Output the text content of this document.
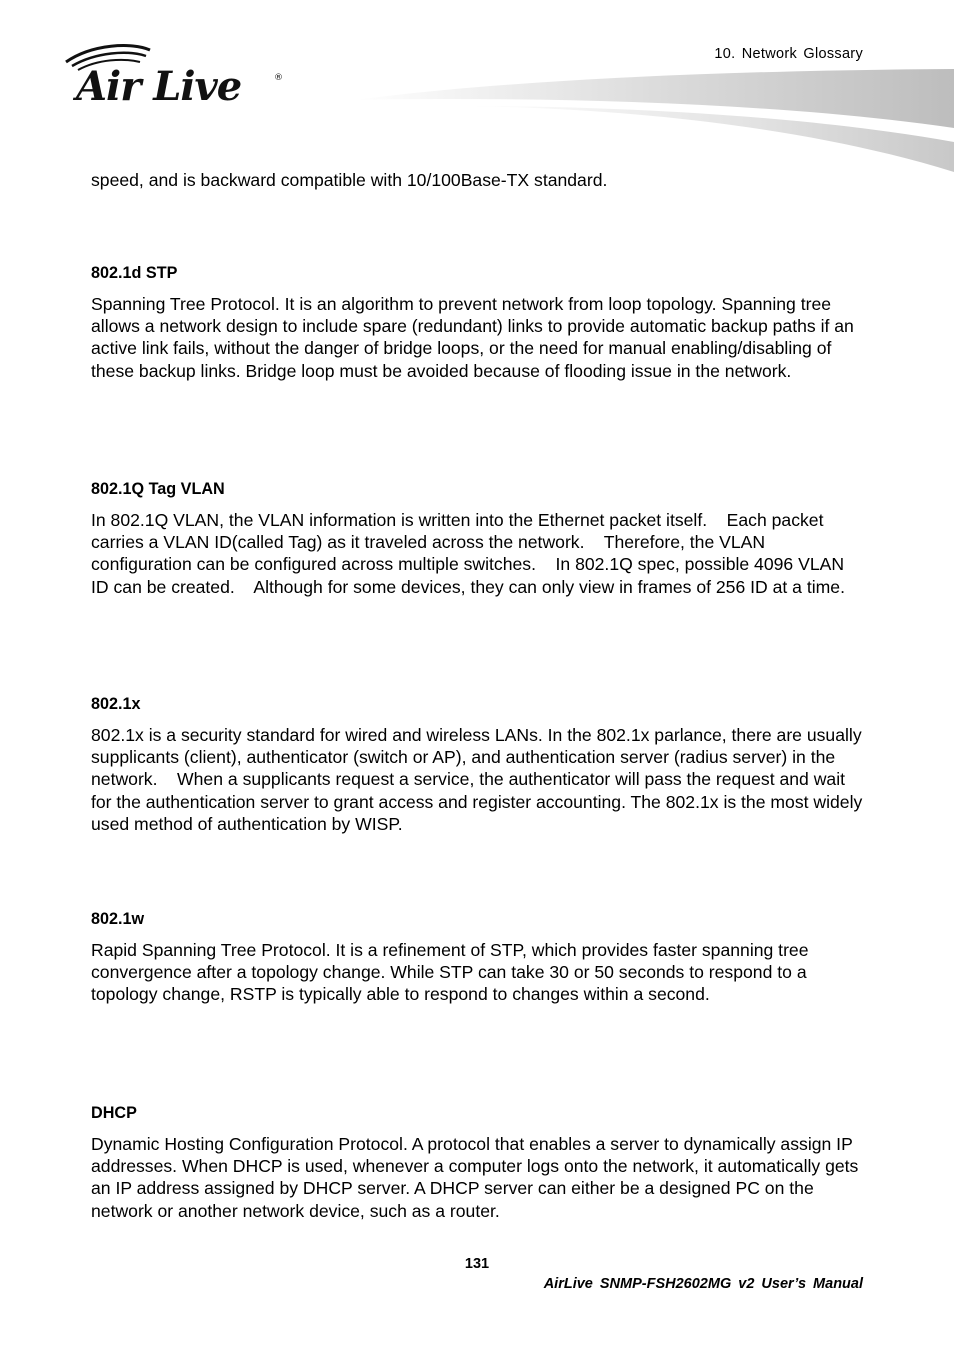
Air Live	®
10. Network Glossary

speed, and is backward compatible with 10/100Base-TX standard.

802.1d STP

Spanning Tree Protocol. It is an algorithm to prevent network from loop topology. Spanning tree allows a network design to include spare (redundant) links to provide automatic backup paths if an active link fails, without the danger of bridge loops, or the need for manual enabling/disabling of these backup links. Bridge loop must be avoided because of flooding issue in the network.

802.1Q Tag VLAN

In 802.1Q VLAN, the VLAN information is written into the Ethernet packet itself.    Each packet carries a VLAN ID(called Tag) as it traveled across the network.    Therefore, the VLAN configuration can be configured across multiple switches.    In 802.1Q spec, possible 4096 VLAN ID can be created.    Although for some devices, they can only view in frames of 256 ID at a time.

802.1x

802.1x is a security standard for wired and wireless LANs. In the 802.1x parlance, there are usually supplicants (client), authenticator (switch or AP), and authentication server (radius server) in the network.    When a supplicants request a service, the authenticator will pass the request and wait for the authentication server to grant access and register accounting. The 802.1x is the most widely used method of authentication by WISP.

802.1w

Rapid Spanning Tree Protocol. It is a refinement of STP, which provides faster spanning tree convergence after a topology change. While STP can take 30 or 50 seconds to respond to a topology change, RSTP is typically able to respond to changes within a second.

DHCP

Dynamic Hosting Configuration Protocol. A protocol that enables a server to dynamically assign IP addresses. When DHCP is used, whenever a computer logs onto the network, it automatically gets an IP address assigned by DHCP server. A DHCP server can either be a designed PC on the network or another network device, such as a router.

131
AirLive SNMP-FSH2602MG v2 User’s Manual
